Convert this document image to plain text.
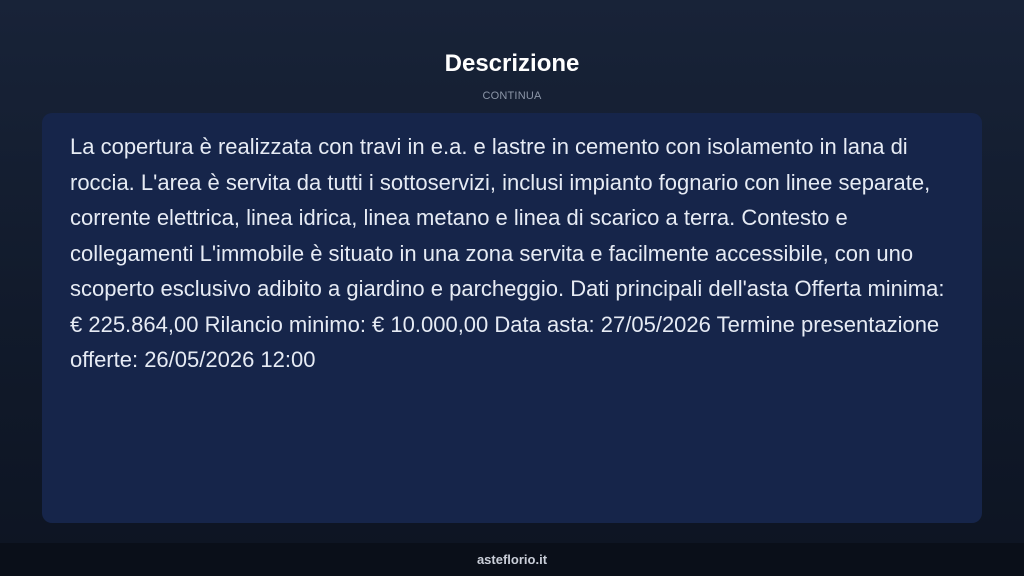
Descrizione
CONTINUA

La copertura è realizzata con travi in e.a. e lastre in cemento con isolamento in lana di roccia. L'area è servita da tutti i sottoservizi, inclusi impianto fognario con linee separate, corrente elettrica, linea idrica, linea metano e linea di scarico a terra. Contesto e collegamenti L'immobile è situato in una zona servita e facilmente accessibile, con uno scoperto esclusivo adibito a giardino e parcheggio. Dati principali dell'asta Offerta minima: € 225.864,00 Rilancio minimo: € 10.000,00 Data asta: 27/05/2026 Termine presentazione offerte: 26/05/2026 12:00

asteflorio.it
